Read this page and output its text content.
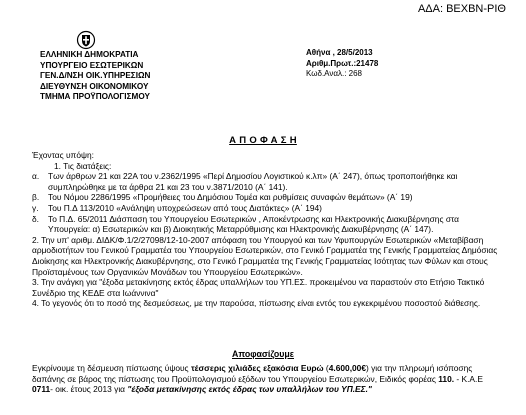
ΑΔΑ: ΒΕΧΒΝ-ΡΙΘ
ΕΛΛΗΝΙΚΗ ΔΗΜΟΚΡΑΤΙΑ
ΥΠΟΥΡΓΕΙΟ ΕΣΩΤΕΡΙΚΩΝ
ΓΕΝ.Δ/ΝΣΗ ΟΙΚ.ΥΠΗΡΕΣΙΩΝ
ΔΙΕΥΘΥΝΣΗ ΟΙΚΟΝΟΜΙΚΟΥ
ΤΜΗΜΑ ΠΡΟΫΠΟΛΟΓΙΣΜΟΥ
Αθήνα , 28/5/2013
Αριθμ.Πρωτ.:21478
Κωδ.Αναλ.: 268
Α Π Ο Φ Α Σ Η

Έχοντας υπόψη:

1. Τις διατάξεις:

α.	Των άρθρων 21 και 22Α του ν.2362/1995 «Περί Δημοσίου Λογιστικού κ.λπ» (Α΄ 247), όπως τροποποιήθηκε και συμπληρώθηκε με τα άρθρα 21 και 23 του ν.3871/2010 (Α΄ 141).
β.	Του Νόμου 2286/1995 «Προμήθειες του Δημόσιου Τομέα και ρυθμίσεις συναφών θεμάτων» (Α΄ 19)
γ.	Του Π.Δ 113/2010 «Ανάληψη υποχρεώσεων από τους Διατάκτες» (Α΄ 194)
δ.	Το Π.Δ. 65/2011 Διάσπαση του Υπουργείου Εσωτερικών , Αποκέντρωσης και Ηλεκτρονικής Διακυβέρνησης στα Υπουργεία: α) Εσωτερικών και β) Διοικητικής Μεταρρύθμισης και Ηλεκτρονικής Διακυβέρνησης (Α΄ 147).

2. Την υπ' αριθμ. ΔΙΔΚ/Φ.1/2/27098/12-10-2007 απόφαση του Υπουργού και των Υφυπουργών Εσωτερικών «Μεταβίβαση αρμοδιοτήτων του Γενικού Γραμματέα του Υπουργείου Εσωτερικών, στο Γενικό Γραμματέα της Γενικής Γραμματείας Δημόσιας Διοίκησης και Ηλεκτρονικής Διακυβέρνησης, στο Γενικό Γραμματέα της Γενικής Γραμματείας Ισότητας των Φύλων και στους Προϊσταμένους των Οργανικών Μονάδων του Υπουργείου Εσωτερικών».

3. Την ανάγκη για "έξοδα μετακίνησης εκτός έδρας υπαλλήλων του ΥΠ.ΕΣ. προκειμένου να παραστούν στο Ετήσιο Τακτικό Συνέδριο της ΚΕΔΕ στα Ιωάννινα"

4. Το γεγονός ότι το ποσό της δεσμεύσεως, με την παρούσα, πίστωσης είναι εντός του εγκεκριμένου ποσοστού διάθεσης.

Αποφασίζουμε
Εγκρίνουμε τη δέσμευση πίστωσης ύψους τέσσερις χιλιάδες εξακόσια Ευρώ (4.600,00€) για την πληρωμή ισόποσης δαπάνης σε βάρος της πίστωσης του Προϋπολογισμού εξόδων του Υπουργείου Εσωτερικών, Ειδικός φορέας 110. - Κ.Α.Ε 0711- οικ. έτους 2013 για "έξοδα μετακίνησης εκτός έδρας των υπαλλήλων του ΥΠ.ΕΣ."
